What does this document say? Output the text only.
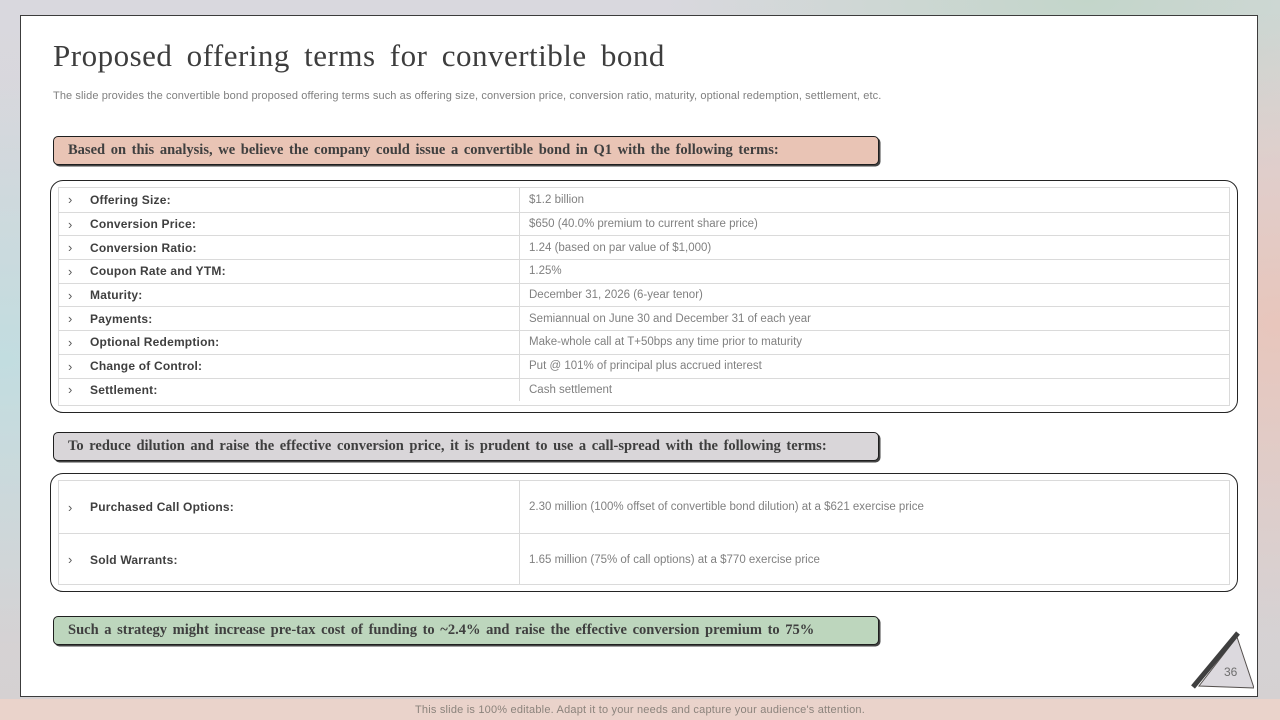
Proposed offering terms for convertible bond

The slide provides the convertible bond proposed offering terms such as offering size, conversion price, conversion ratio, maturity, optional redemption, settlement, etc.

Based on this analysis, we believe the company could issue a convertible bond in Q1 with the following terms:
›	Offering Size:	$1.2 billion
›	Conversion Price:	$650 (40.0% premium to current share price)
›	Conversion Ratio:	1.24 (based on par value of $1,000)
›	Coupon Rate and YTM:	1.25%
›	Maturity:	December 31, 2026 (6-year tenor)
›	Payments:	Semiannual on June 30 and December 31 of each year
›	Optional Redemption:	Make-whole call at T+50bps any time prior to maturity
›	Change of Control:	Put @ 101% of principal plus accrued interest
›	Settlement:	Cash settlement
To reduce dilution and raise the effective conversion price, it is prudent to use a call-spread with the following terms:
›	Purchased Call Options:	2.30 million (100% offset of convertible bond dilution) at a $621 exercise price
›	Sold Warrants:	1.65 million (75% of call options) at a $770 exercise price
Such a strategy might increase pre-tax cost of funding to ~2.4% and raise the effective conversion premium to 75%
36
This slide is 100% editable. Adapt it to your needs and capture your audience's attention.
